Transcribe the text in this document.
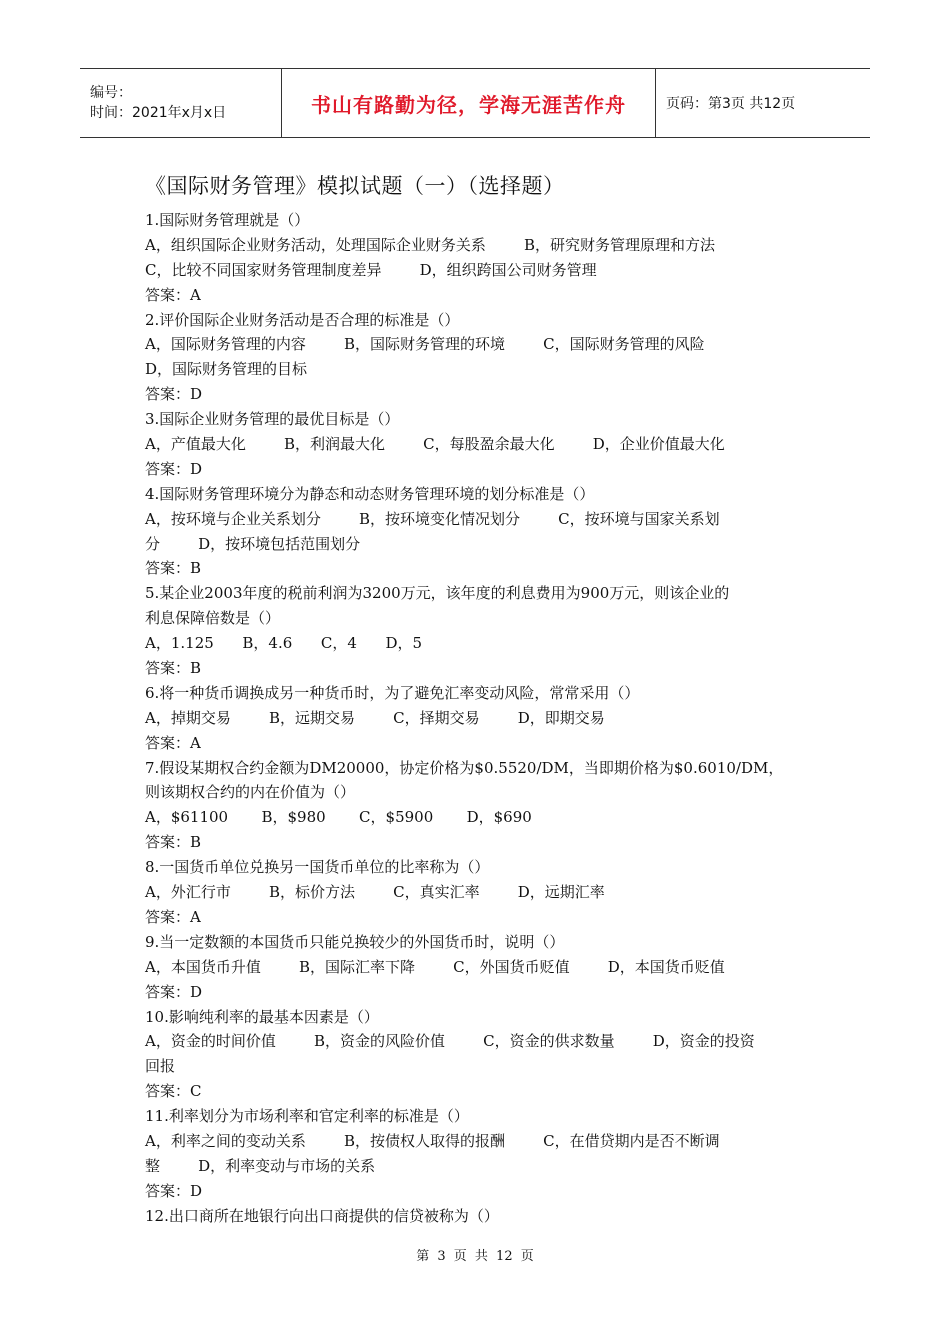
编号：
时间：2021年x月x日	书山有路勤为径，学海无涯苦作舟	页码：第3页 共12页
《国际财务管理》模拟试题（一）（选择题）
1.国际财务管理就是（）
A，组织国际企业财务活动，处理国际企业财务关系        B，研究财务管理原理和方法
C，比较不同国家财务管理制度差异        D，组织跨国公司财务管理
答案：A
2.评价国际企业财务活动是否合理的标准是（）
A，国际财务管理的内容        B，国际财务管理的环境        C，国际财务管理的风险
D，国际财务管理的目标
答案：D
3.国际企业财务管理的最优目标是（）
A，产值最大化        B，利润最大化        C，每股盈余最大化        D，企业价值最大化
答案：D
4.国际财务管理环境分为静态和动态财务管理环境的划分标准是（）
A，按环境与企业关系划分        B，按环境变化情况划分        C，按环境与国家关系划
分        D，按环境包括范围划分
答案：B
5.某企业2003年度的税前利润为3200万元，该年度的利息费用为900万元，则该企业的
利息保障倍数是（）
A，1.125      B，4.6      C，4      D，5
答案：B
6.将一种货币调换成另一种货币时，为了避免汇率变动风险，常常采用（）
A，掉期交易        B，远期交易        C，择期交易        D，即期交易
答案：A
7.假设某期权合约金额为DM20000，协定价格为$0.5520/DM，当即期价格为$0.6010/DM，
则该期权合约的内在价值为（）
A，$61100       B，$980       C，$5900       D，$690
答案：B
8.一国货币单位兑换另一国货币单位的比率称为（）
A，外汇行市        B，标价方法        C，真实汇率        D，远期汇率
答案：A
9.当一定数额的本国货币只能兑换较少的外国货币时，说明（）
A，本国货币升值        B，国际汇率下降        C，外国货币贬值        D，本国货币贬值
答案：D
10.影响纯利率的最基本因素是（）
A，资金的时间价值        B，资金的风险价值        C，资金的供求数量        D，资金的投资
回报
答案：C
11.利率划分为市场利率和官定利率的标准是（）
A，利率之间的变动关系        B，按债权人取得的报酬        C，在借贷期内是否不断调
整        D，利率变动与市场的关系
答案：D
12.出口商所在地银行向出口商提供的信贷被称为（）
第 3 页 共 12 页
